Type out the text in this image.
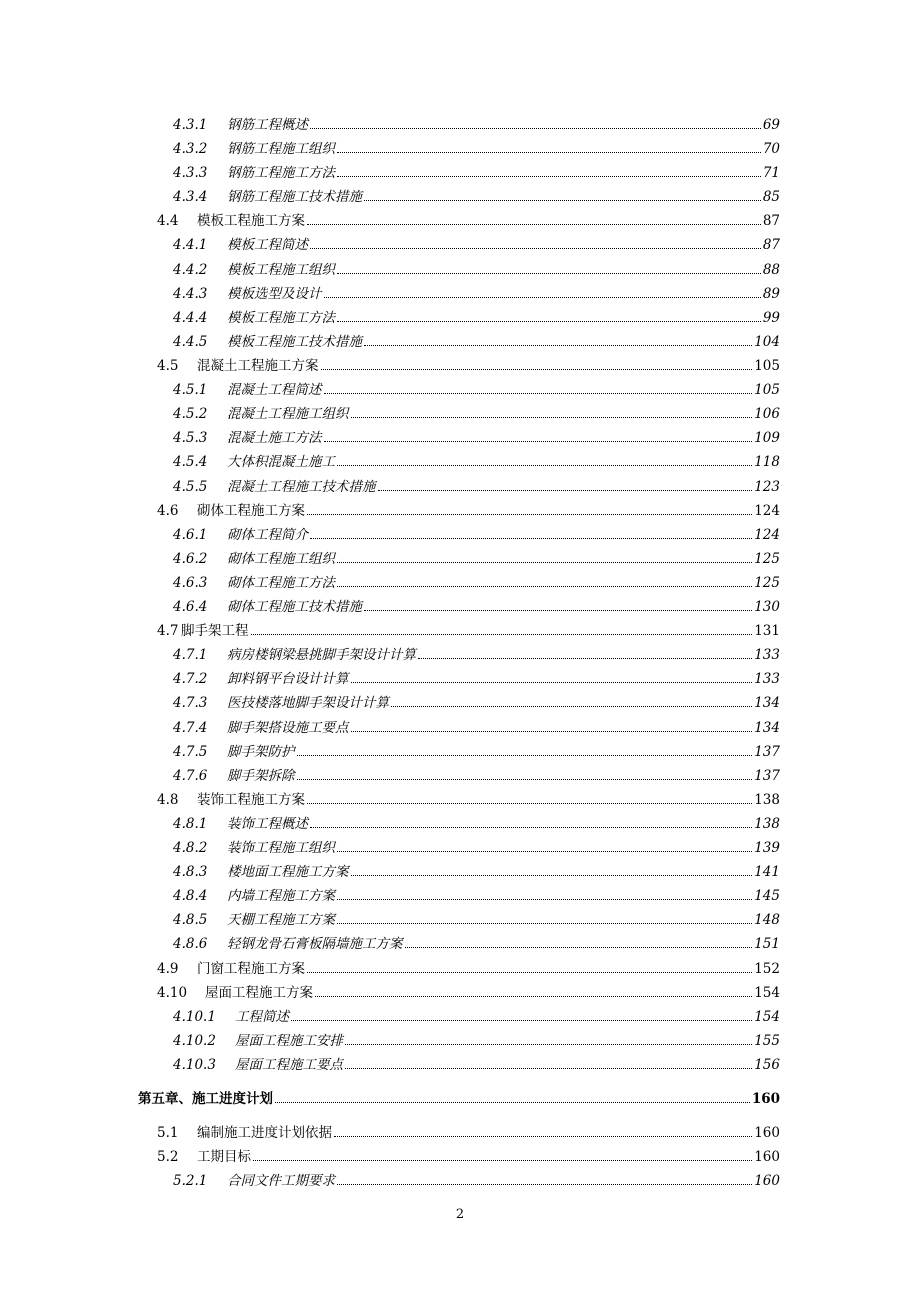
4.3.1	钢筋工程概述	69
4.3.2	钢筋工程施工组织	70
4.3.3	钢筋工程施工方法	71
4.3.4	钢筋工程施工技术措施	85
4.4	模板工程施工方案	87
4.4.1	模板工程简述	87
4.4.2	模板工程施工组织	88
4.4.3	模板选型及设计	89
4.4.4	模板工程施工方法	99
4.4.5	模板工程施工技术措施	104
4.5	混凝土工程施工方案	105
4.5.1	混凝土工程简述	105
4.5.2	混凝土工程施工组织	106
4.5.3	混凝土施工方法	109
4.5.4	大体积混凝土施工	118
4.5.5	混凝土工程施工技术措施	123
4.6	砌体工程施工方案	124
4.6.1	砌体工程简介	124
4.6.2	砌体工程施工组织	125
4.6.3	砌体工程施工方法	125
4.6.4	砌体工程施工技术措施	130
4.7 脚手架工程	131
4.7.1	病房楼钢梁悬挑脚手架设计计算	133
4.7.2	卸料钢平台设计计算	133
4.7.3	医技楼落地脚手架设计计算	134
4.7.4	脚手架搭设施工要点	134
4.7.5	脚手架防护	137
4.7.6	脚手架拆除	137
4.8	装饰工程施工方案	138
4.8.1	装饰工程概述	138
4.8.2	装饰工程施工组织	139
4.8.3	楼地面工程施工方案	141
4.8.4	内墙工程施工方案	145
4.8.5	天棚工程施工方案	148
4.8.6	轻钢龙骨石膏板隔墙施工方案	151
4.9	门窗工程施工方案	152
4.10	屋面工程施工方案	154
4.10.1	工程简述	154
4.10.2	屋面工程施工安排	155
4.10.3	屋面工程施工要点	156
第五章、施工进度计划	160
5.1	编制施工进度计划依据	160
5.2	工期目标	160
5.2.1	合同文件工期要求	160
2
